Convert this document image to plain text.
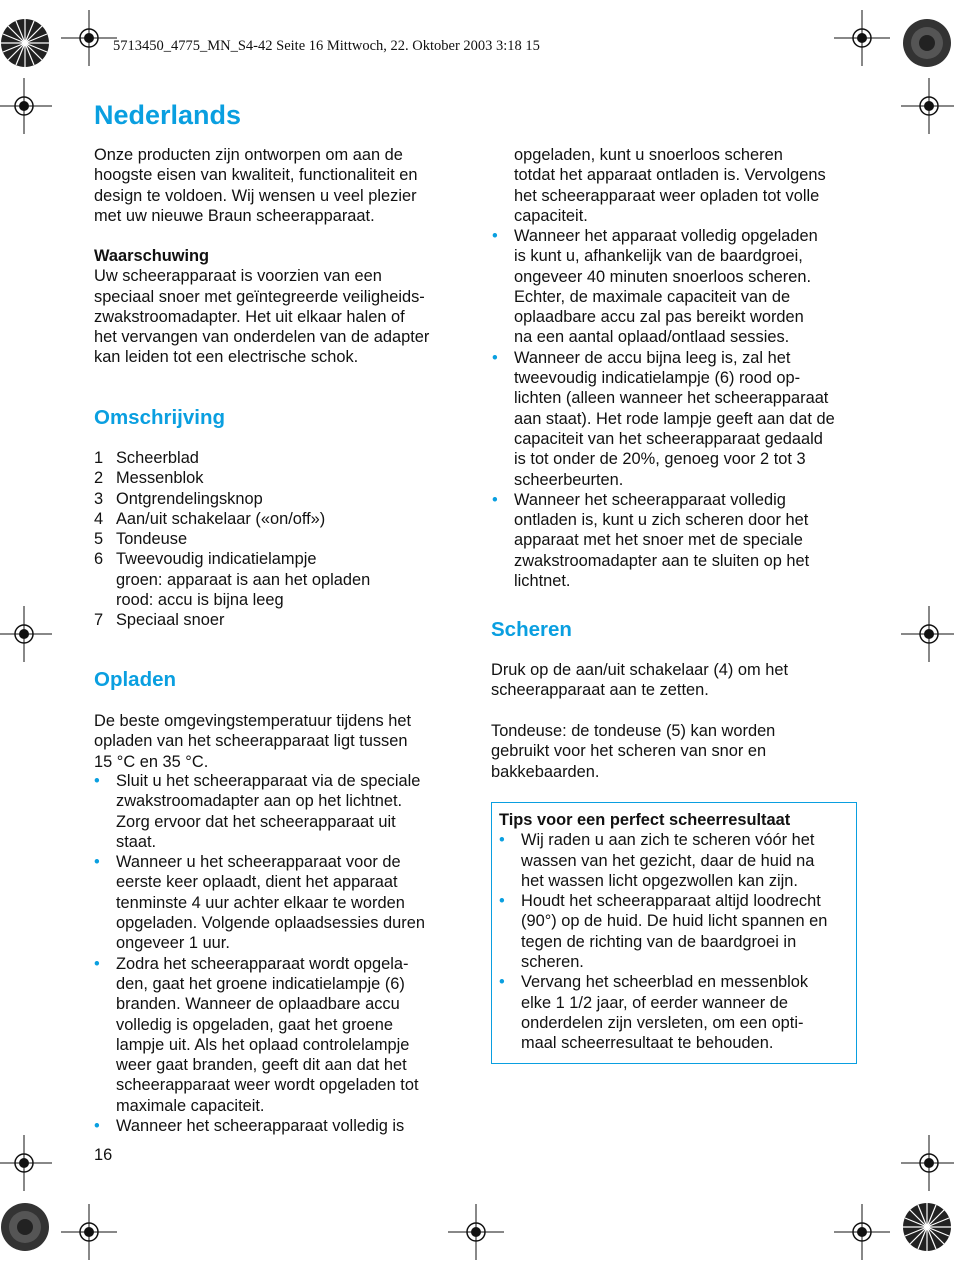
5713450_4775_MN_S4-42 Seite 16 Mittwoch, 22. Oktober 2003 3:18 15
Nederlands
Onze producten zijn ontworpen om aan de
hoogste eisen van kwaliteit, functionaliteit en
design te voldoen. Wij wensen u veel plezier
met uw nieuwe Braun scheerapparaat.
Waarschuwing
Uw scheerapparaat is voorzien van een
speciaal snoer met geïntegreerde veiligheids-
zwakstroomadapter. Het uit elkaar halen of
het vervangen van onderdelen van de adapter
kan leiden tot een electrische schok.
Omschrijving
1 Scheerblad
2 Messenblok
3 Ontgrendelingsknop
4 Aan/uit schakelaar («on/off»)
5 Tondeuse
6 Tweevoudig indicatielampje
groen: apparaat is aan het opladen
rood: accu is bijna leeg
7 Speciaal snoer
Opladen
De beste omgevingstemperatuur tijdens het
opladen van het scheerapparaat ligt tussen
15 °C en 35 °C.
• Sluit u het scheerapparaat via de speciale
zwakstroomadapter aan op het lichtnet.
Zorg ervoor dat het scheerapparaat uit
staat.
• Wanneer u het scheerapparaat voor de
eerste keer oplaadt, dient het apparaat
tenminste 4 uur achter elkaar te worden
opgeladen. Volgende oplaadsessies duren
ongeveer 1 uur.
• Zodra het scheerapparaat wordt opgela-
den, gaat het groene indicatielampje (6)
branden. Wanneer de oplaadbare accu
volledig is opgeladen, gaat het groene
lampje uit. Als het oplaad controlelampje
weer gaat branden, geeft dit aan dat het
scheerapparaat weer wordt opgeladen tot
maximale capaciteit.
• Wanneer het scheerapparaat volledig is
opgeladen, kunt u snoerloos scheren
totdat het apparaat ontladen is. Vervolgens
het scheerapparaat weer opladen tot volle
capaciteit.
• Wanneer het apparaat volledig opgeladen
is kunt u, afhankelijk van de baardgroei,
ongeveer 40 minuten snoerloos scheren.
Echter, de maximale capaciteit van de
oplaadbare accu zal pas bereikt worden
na een aantal oplaad/ontlaad sessies.
• Wanneer de accu bijna leeg is, zal het
tweevoudig indicatielampje (6) rood op-
lichten (alleen wanneer het scheerapparaat
aan staat). Het rode lampje geeft aan dat de
capaciteit van het scheerapparaat gedaald
is tot onder de 20%, genoeg voor 2 tot 3
scheerbeurten.
• Wanneer het scheerapparaat volledig
ontladen is, kunt u zich scheren door het
apparaat met het snoer met de speciale
zwakstroomadapter aan te sluiten op het
lichtnet.
Scheren
Druk op de aan/uit schakelaar (4) om het
scheerapparaat aan te zetten.
Tondeuse: de tondeuse (5) kan worden
gebruikt voor het scheren van snor en
bakkebaarden.
Tips voor een perfect scheerresultaat
• Wij raden u aan zich te scheren vóór het
wassen van het gezicht, daar de huid na
het wassen licht opgezwollen kan zijn.
• Houdt het scheerapparaat altijd loodrecht
(90°) op de huid. De huid licht spannen en
tegen de richting van de baardgroei in
scheren.
• Vervang het scheerblad en messenblok
elke 1 1/2 jaar, of eerder wanneer de
onderdelen zijn versleten, om een opti-
maal scheerresultaat te behouden.
16
